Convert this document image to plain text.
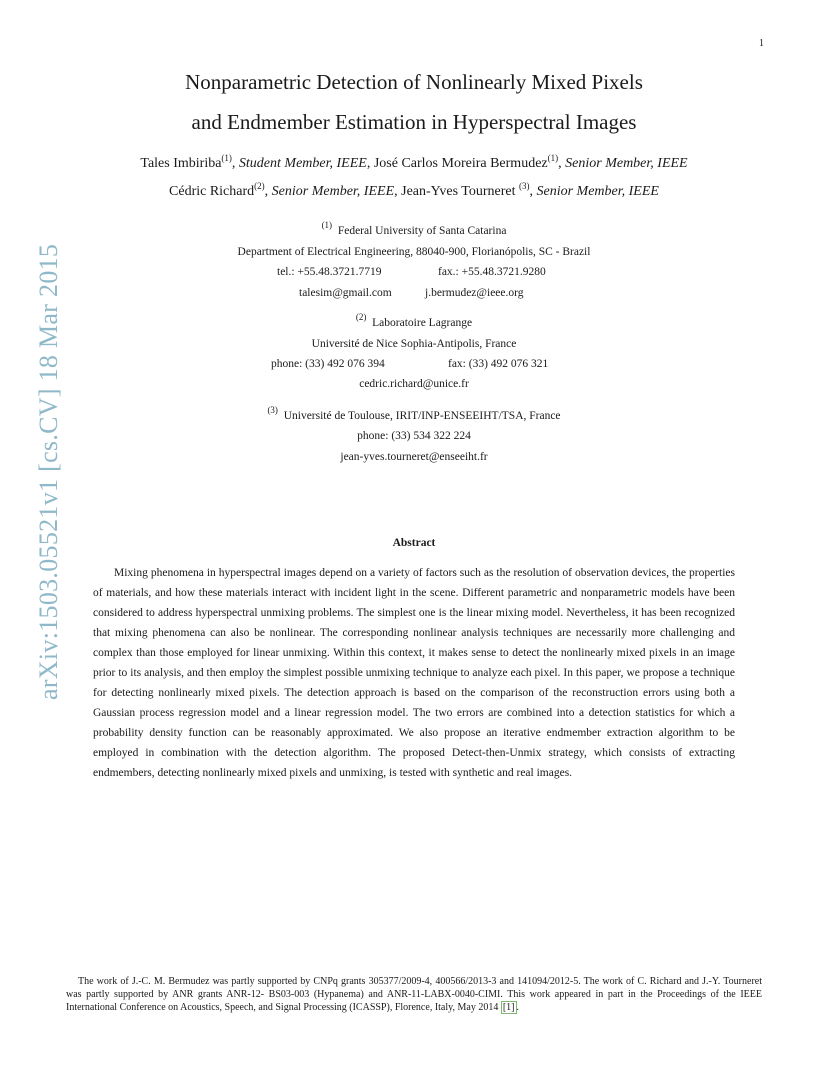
1
arXiv:1503.05521v1 [cs.CV] 18 Mar 2015
Nonparametric Detection of Nonlinearly Mixed Pixels
and Endmember Estimation in Hyperspectral Images
Tales Imbiriba$^{(1)}$, Student Member, IEEE, José Carlos Moreira Bermudez$^{(1)}$, Senior Member, IEEE
Cédric Richard$^{(2)}$, Senior Member, IEEE, Jean-Yves Tourneret $^{(3)}$, Senior Member, IEEE
$^{(1)}$ Federal University of Santa Catarina
Department of Electrical Engineering, 88040-900, Florianópolis, SC - Brazil
tel.: +55.48.3721.7719	fax.: +55.48.3721.9280
talesim@gmail.com	j.bermudez@ieee.org
$^{(2)}$ Laboratoire Lagrange
Université de Nice Sophia-Antipolis, France
phone: (33) 492 076 394	fax: (33) 492 076 321
cedric.richard@unice.fr
$^{(3)}$ Université de Toulouse, IRIT/INP-ENSEEIHT/TSA, France
phone: (33) 534 322 224
jean-yves.tourneret@enseeiht.fr
Abstract
Mixing phenomena in hyperspectral images depend on a variety of factors such as the resolution of observation devices, the properties of materials, and how these materials interact with incident light in the scene. Different parametric and nonparametric models have been considered to address hyperspectral unmixing problems. The simplest one is the linear mixing model. Nevertheless, it has been recognized that mixing phenomena can also be nonlinear. The corresponding nonlinear analysis techniques are necessarily more challenging and complex than those employed for linear unmixing. Within this context, it makes sense to detect the nonlinearly mixed pixels in an image prior to its analysis, and then employ the simplest possible unmixing technique to analyze each pixel. In this paper, we propose a technique for detecting nonlinearly mixed pixels. The detection approach is based on the comparison of the reconstruction errors using both a Gaussian process regression model and a linear regression model. The two errors are combined into a detection statistics for which a probability density function can be reasonably approximated. We also propose an iterative endmember extraction algorithm to be employed in combination with the detection algorithm. The proposed Detect-then-Unmix strategy, which consists of extracting endmembers, detecting nonlinearly mixed pixels and unmixing, is tested with synthetic and real images.
The work of J.-C. M. Bermudez was partly supported by CNPq grants 305377/2009-4, 400566/2013-3 and 141094/2012-5. The work of C. Richard and J.-Y. Tourneret was partly supported by ANR grants ANR-12- BS03-003 (Hypanema) and ANR-11-LABX-0040-CIMI. This work appeared in part in the Proceedings of the IEEE International Conference on Acoustics, Speech, and Signal Processing (ICASSP), Florence, Italy, May 2014 [1] .
